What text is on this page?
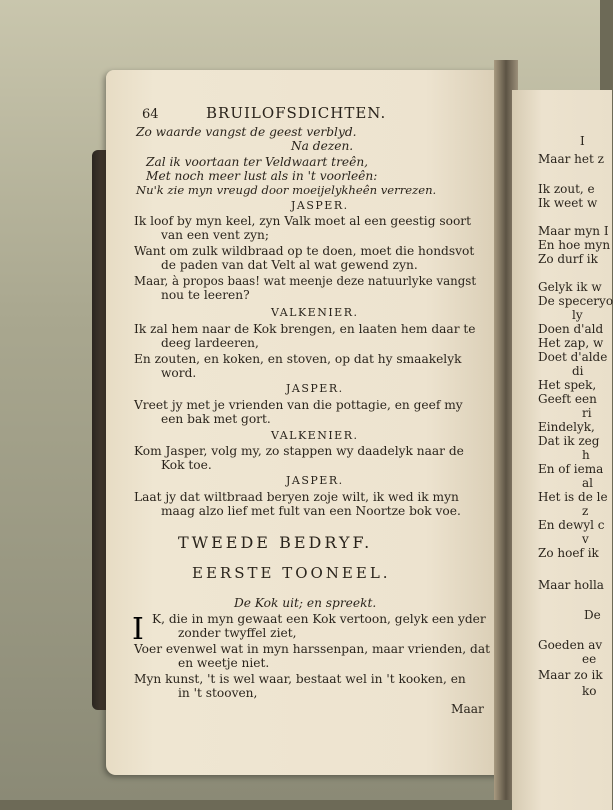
64	BRUILOFSDICHTEN.
Zo waarde vangst de geest verblyd.
Na dezen.
Zal ik voortaan ter Veldwaart treên,
Met noch meer lust als in 't voorleên:
Nu'k zie myn vreugd door moeijelykheên verrezen.
JASPER.
Ik loof by myn keel, zyn Valk moet al een geestig soort
van een vent zyn;
Want om zulk wildbraad op te doen, moet die hondsvot
de paden van dat Velt al wat gewend zyn.
Maar, à propos baas! wat meenje deze natuurlyke vangst
nou te leeren?
VALKENIER.
Ik zal hem naar de Kok brengen, en laaten hem daar te
deeg lardeeren,
En zouten, en koken, en stoven, op dat hy smaakelyk
word.
JASPER.
Vreet jy met je vrienden van die pottagie, en geef my
een bak met gort.
VALKENIER.
Kom Jasper, volg my, zo stappen wy daadelyk naar de
Kok toe.
JASPER.
Laat jy dat wiltbraad beryen zoje wilt, ik wed ik myn
maag alzo lief met fult van een Noortze bok voe.
TWEEDE BEDRYF.
EERSTE TOONEEL.
De Kok uit; en spreekt.
I K, die in myn gewaat een Kok vertoon, gelyk een yder
zonder twyffel ziet,
Voer evenwel wat in myn harssenpan, maar vrienden, dat
en weetje niet.
Myn kunst, 't is wel waar, bestaat wel in 't kooken, en
in 't stooven,
Maar
I
Maar het z
Ik zout, e
Ik weet w
Maar myn I
En hoe myn
Zo durf ik
Gelyk ik w
De speceryo
ly
Doen d'ald
Het zap, w
Doet d'alde
di
Het spek,
Geeft een
ri
Eindelyk,
Dat ik zeg
h
En of iema
al
Het is de le
z
En dewyl c
v
Zo hoef ik
Maar holla
De
Goeden av
ee
Maar zo ik
ko
